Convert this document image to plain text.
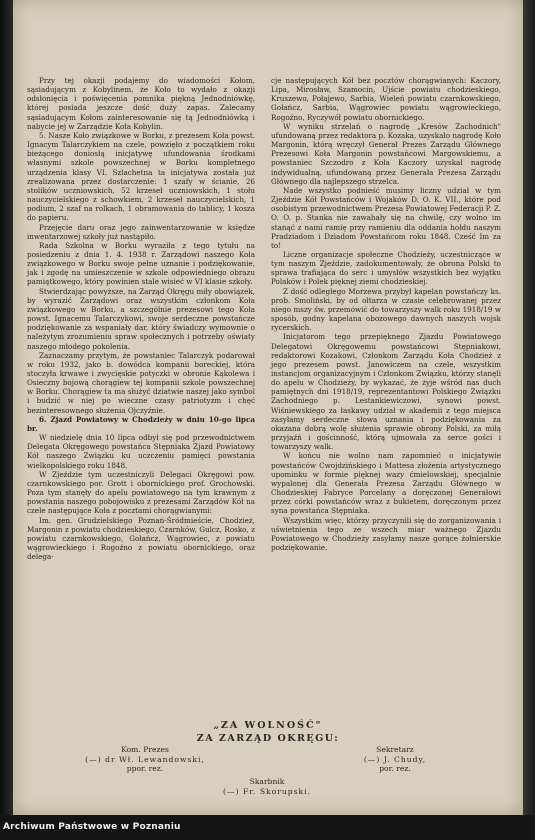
Przy tej okazji podajemy do wiadomości Kołom, sąsiadującym z Kobylinem, że Koło to wydało z okazji odsłonięcia i poświęcenia pomnika piękną Jednodniówkę, której posiada jeszcze dość duży zapas. Zalecamy sąsiadującym Kołom zainteresowanie się tą Jednodniówką i nabycie jej w Zarządzie Koła Kobylin.

5. Nasze Koło związkowe w Borku, z prezesem Koła powst. Ignacym Talarczykiem na czele, powzięło z początkiem roku bieżącego doniosłą inicjatywę ufundowania środkami własnymi szkole powszechnej w Borku kompletnego urządzenia klasy VI. Szlachetna ta inicjatywa została już zrealizowana przez dostarczenie: 1 szafy w ścianie, 26 stolików uczniowskich, 52 krzeseł uczniowskich, 1 stołu nauczycielskiego z schowkiem, 2 krzeseł nauczycielskich, 1 podium, 2 szaf na rolkach, 1 obramowania do tablicy, 1 kosza do papieru.

Przejęcie daru oraz jego zainwentarzowanie w księdze inwentarzowej szkoły już nastąpiło.

Rada Szkolna w Borku wyraziła z tego tytułu na posiedzeniu z dnia 1. 4. 1938 r. Zarządowi naszego Koła związkowego w Borku swoje pełne uznanie i podziękowanie, jak i zgodę na umieszczenie w szkole odpowiedniego obrazu pamiątkowego, który powinien stale wisieć w VI klasie szkoły.

Stwierdzając powyższe, na Zarząd Okręgu miły obowiązek, by wyrazić Zarządowi oraz wszystkim członkom Koła związkowego w Borku, a szczególnie prezesowi tego Koła powst. Ignacemu Talarczykowi, swoje serdeczne powstańcze podziękowanie za wspaniały dar, który świadczy wymownie o należytym zrozumieniu spraw społecznych i potrzeby oświaty naszego młodego pokolenia.

Zaznaczamy przytym, że powstaniec Talarczyk podarował w roku 1932, jako b. dowódca kompanii boreckiej, która stoczyła krwawe i zwycięskie potyczki w obronie Kąkolewa i Osieczny bojową chorągiew tej kompanii szkole powszechnej w Borku. Chorągiew ta ma służyć dziatwie naszej jako symbol i budzić w niej po wieczne czasy patriotyzm i chęć bezinteresownego służenia Ojczyźnie.

6. Zjazd Powiatowy w Chodzieży w dniu 10-go lipca br.

W niedzielę dnia 10 lipca odbył się pod przewodnictwem Delegata Okręgowego powstańca Stępniaka Zjazd Powiatowy Kół naszego Związku ku uczczeniu pamięci powstania wielkopolskiego roku 1848.

W Zjeździe tym uczestniczyli Delegaci Okręgowi pow. czarnkowskiego por. Grott i obornickiego prof. Grochowski. Poza tym stanęły do apelu powiatowego na tym krawnym z powstania naszego pobojowisku z prezesami Zarządów Kół na czele następujące Koła z pocztami chorągwianymi:

Im. gen. Grudzielskiego Poznań-Śródmieście, Chodzież, Margonin z powiatu chodzieskiego, Czarnków, Gulcz, Rosko, z powiatu czarnkowskiego, Gołańcz, Wągrowiec, z powiatu wągrowieckiego i Rogoźno z powiatu obornickiego, oraz delega-

cje następujących Kół bez pocztów chorągwianych: Kaczory, Lipa, Mirosław, Szamocin, Ujście powiatu chodzieskiego, Kruszewo, Połajewo, Sarbia, Wieleń powiatu czarnkowskiego, Gołańcz, Sarbia, Wągrowiec powiatu wągrowieckiego, Rogoźno, Ryczywół powiatu obornickiego.

W wyniku strzelań o nagrodę „Kresów Zachodnich" ufundowaną przez redaktora p. Kozaka, uzyskało nagrodę Koło Margonin, którą wręczył Generał Prezes Zarządu Głównego Prezesowi Koła Margonin powstańcowi Margowskiemu, a powstaniec Szczodro z Koła Kaczory uzyskał nagrodę indywidualną, ufundowaną przez Generała Prezesa Zarządu Głównego dla najlepszego strzelca.

Nade wszystko podnieść musimy liczny udział w tym Zjeździe Kół Powstańców i Wojaków D. O. K. VII., które pod osobistym przewodnictwem Prezesa Powiatowej Federacji P. Z. O. O. p. Stanka nie zawahały się na chwilę, czy wolno im stanąć z nami ramię przy ramieniu dla oddania hołdu naszym Pradziadom i Dziadom Powstańcom roku 1848. Cześć Im za to!

Liczne organizacje społeczne Chodzieży, uczestniczące w tym naszym Zjeździe, zadokumentowały, że obrona Polski to sprawa trafiająca do serc i umysłów wszystkich bez wyjątku Polaków i Polek pięknej ziemi chodzieskiej.

Z dość odległego Morzewa przybył kapelan powstańczy ks. prob. Smoliński, by od ołtarza w czasie celebrowanej przez niego mszy św. przemówić do towarzyszy walk roku 1918/19 w sposób, godny kapelana obozowego dawnych naszych wojsk rycerskich.

Inicjatorom tego przepięknego Zjazdu Powiatowego Delegatowi Okręgowemu powstańcowi Stępniakowi, redaktorowi Kozakowi, Członkom Zarządu Koła Chodzież z jego prezesem powst. Janowiczem na czele, wszystkim instancjom organizacyjnym i Członkom Związku, którzy stanęli do apelu w Chodzieży, by wykazać, że żyje wśród nas duch pamiętnych dni 1918/19, reprezentantowi Polskiego Związku Zachodniego p. Lestankiewiczowi, synowi powst. Wiśniewskiego za łaskawy udział w akademii z tego miejsca zasyłamy serdeczne słowa uznania i podziękowania za okazana dobrą wolę służenia sprawie obrony Polski, za miłą przyjaźń i gościnność, którą ujmowała za serce gości i towarzyszy walk.

W końcu nie wolno nam zapomnieć o inicjatywie powstańców Cwojdzińskiego i Mattesa złożenia artystycznego upominku w formie pięknej wazy ćmielowskiej, specjalnie wypalonej dla Generała Prezesa Zarządu Głównego w Chodzieskiej Fabryce Porcelany a doręczonej Generałowi przez córki powstańców wraz z bukietem, doręczonym przez syna powstańca Stępniaka.

Wszystkim więc, którzy przyczynili się do zorganizowania i uświetnienia tego ze wszech miar ważnego Zjazdu Powiatowego w Chodzieży zasyłamy nasze gorące żołnierskie podziękowanie.

„ZA WOLNOŚĆ"
ZA ZARZĄD OKRĘGU:
Kom. Prezes
(—) dr Wł. Lewandowski,
ppor. rez.
Sekretarz
(—) J. Chudy,
por. rez.
Skarbnik
(—) Fr. Skorupski.
Archiwum Państwowe w Poznaniu
